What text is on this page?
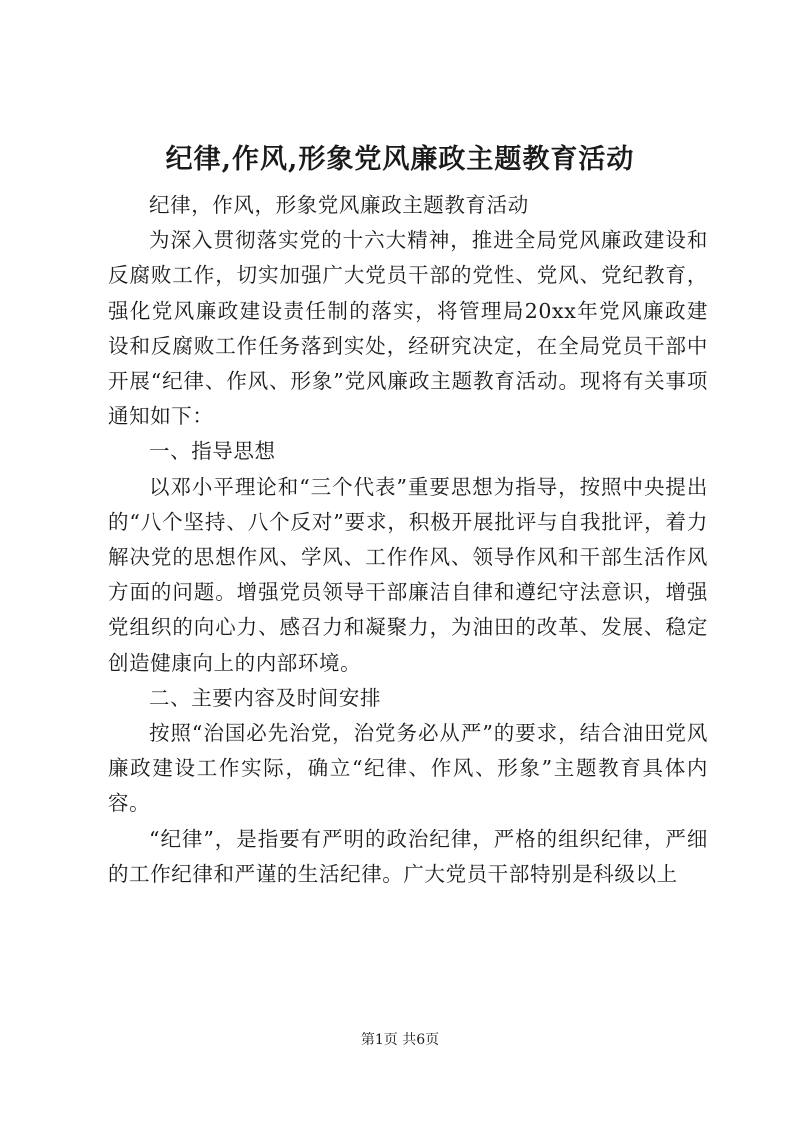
纪律,作风,形象党风廉政主题教育活动

纪律，作风，形象党风廉政主题教育活动

为深入贯彻落实党的十六大精神，推进全局党风廉政建设和反腐败工作，切实加强广大党员干部的党性、党风、党纪教育，强化党风廉政建设责任制的落实，将管理局20xx年党风廉政建设和反腐败工作任务落到实处，经研究决定，在全局党员干部中开展“纪律、作风、形象”党风廉政主题教育活动。现将有关事项通知如下：

一、指导思想

以邓小平理论和“三个代表”重要思想为指导，按照中央提出的“八个坚持、八个反对”要求，积极开展批评与自我批评，着力解决党的思想作风、学风、工作作风、领导作风和干部生活作风方面的问题。增强党员领导干部廉洁自律和遵纪守法意识，增强党组织的向心力、感召力和凝聚力，为油田的改革、发展、稳定创造健康向上的内部环境。

二、主要内容及时间安排

按照“治国必先治党，治党务必从严”的要求，结合油田党风廉政建设工作实际，确立“纪律、作风、形象”主题教育具体内容。

“纪律”，是指要有严明的政治纪律，严格的组织纪律，严细的工作纪律和严谨的生活纪律。广大党员干部特别是科级以上

第1页 共6页
